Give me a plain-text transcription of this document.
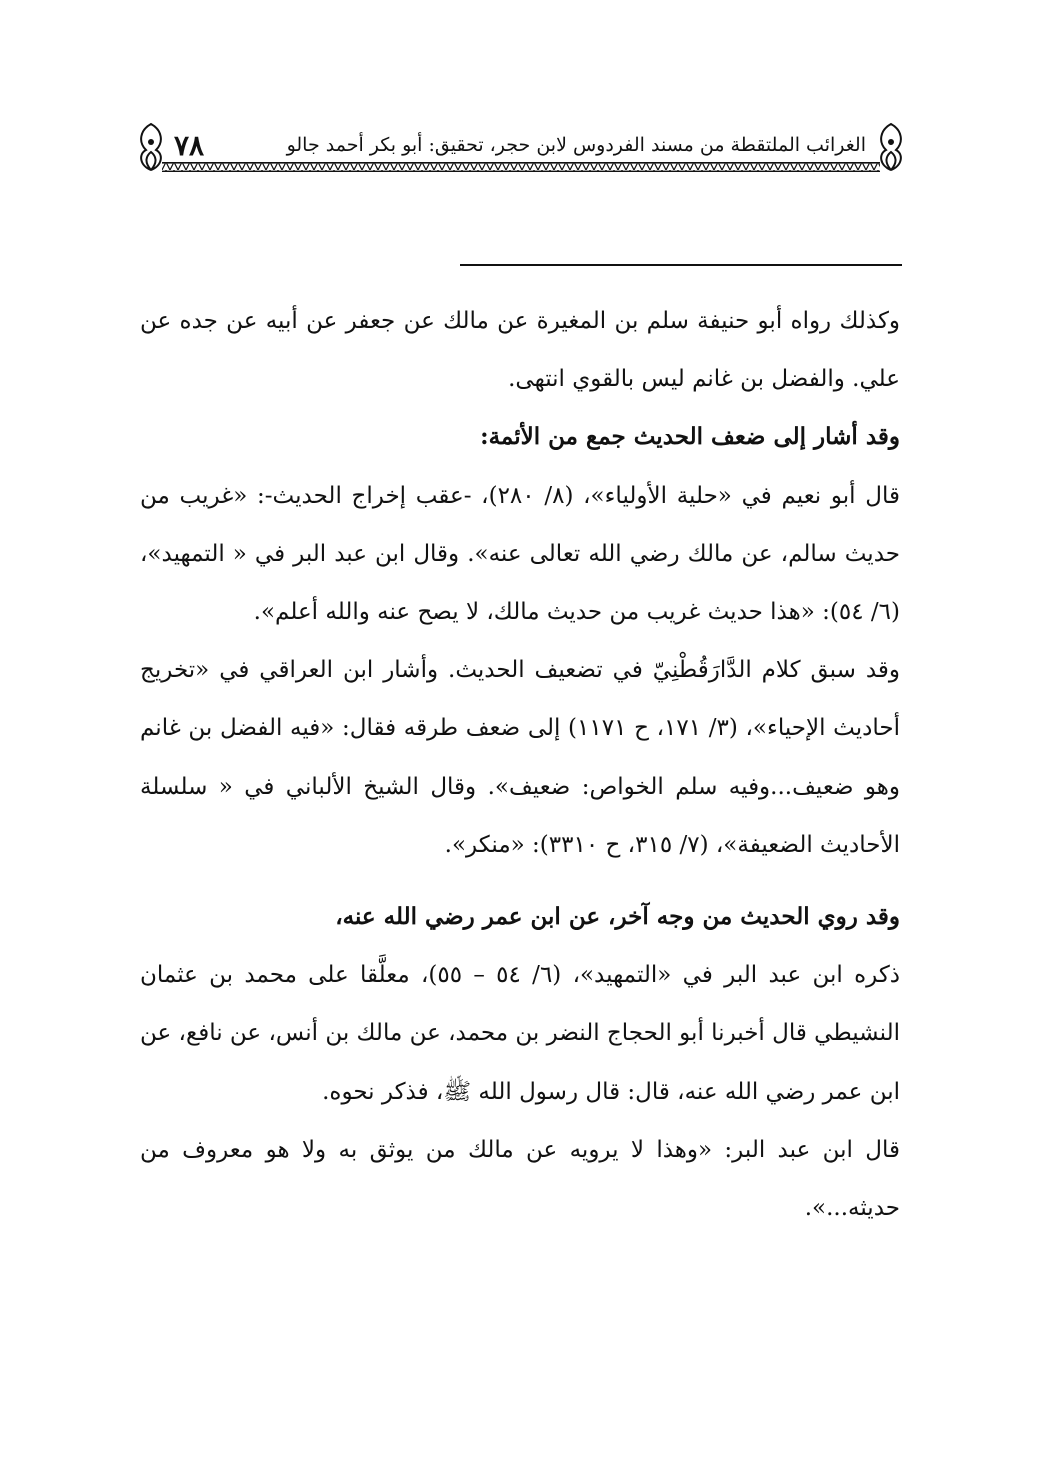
٧٨	الغرائب الملتقطة من مسند الفردوس لابن حجر، تحقيق: أبو بكر أحمد جالو

وكذلك رواه أبو حنيفة سلم بن المغيرة عن مالك عن جعفر عن أبيه عن جده عن علي. والفضل بن غانم ليس بالقوي انتهى.

وقد أشار إلى ضعف الحديث جمع من الأئمة:

قال أبو نعيم في «حلية الأولياء»، (٨/ ٢٨٠)، -عقب إخراج الحديث-: «غريب من حديث سالم، عن مالك رضي الله تعالى عنه». وقال ابن عبد البر في « التمهيد»، (٦/ ٥٤): «هذا حديث غريب من حديث مالك، لا يصح عنه والله أعلم».

وقد سبق كلام الدَّارَقُطْنِيّ في تضعيف الحديث. وأشار ابن العراقي في «تخريج أحاديث الإحياء»، (٣/ ١٧١، ح ١١٧١) إلى ضعف طرقه فقال: «فيه الفضل بن غانم وهو ضعيف...وفيه سلم الخواص: ضعيف». وقال الشيخ الألباني في « سلسلة الأحاديث الضعيفة»، (٧/ ٣١٥، ح ٣٣١٠): «منكر».

وقد روي الحديث من وجه آخر، عن ابن عمر رضي الله عنه،

ذكره ابن عبد البر في «التمهيد»، (٦/ ٥٤ – ٥٥)، معلَّقا على محمد بن عثمان النشيطي قال أخبرنا أبو الحجاج النضر بن محمد، عن مالك بن أنس، عن نافع، عن ابن عمر رضي الله عنه، قال: قال رسول الله ﷺ، فذكر نحوه.

قال ابن عبد البر: «وهذا لا يرويه عن مالك من يوثق به ولا هو معروف من حديثه...».
